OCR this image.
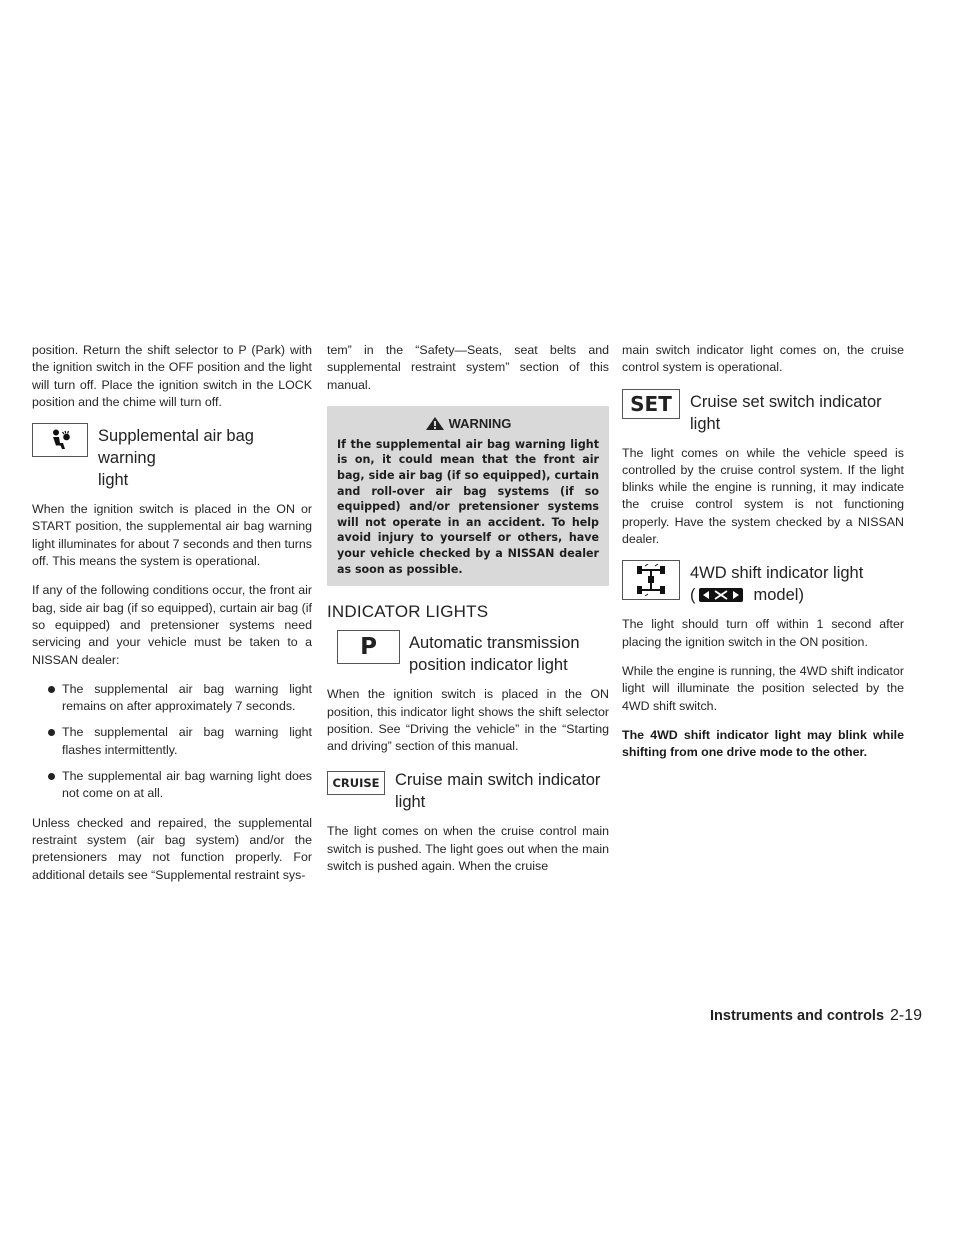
position. Return the shift selector to P (Park) with the ignition switch in the OFF position and the light will turn off. Place the ignition switch in the LOCK position and the chime will turn off.

Supplemental air bag warning
light

When the ignition switch is placed in the ON or START position, the supplemental air bag warning light illuminates for about 7 seconds and then turns off. This means the system is operational.

If any of the following conditions occur, the front air bag, side air bag (if so equipped), curtain air bag (if so equipped) and pretensioner systems need servicing and your vehicle must be taken to a NISSAN dealer:

The supplemental air bag warning light remains on after approximately 7 seconds.
The supplemental air bag warning light flashes intermittently.
The supplemental air bag warning light does not come on at all.

Unless checked and repaired, the supplemental restraint system (air bag system) and/or the pretensioners may not function properly. For additional details see “Supplemental restraint sys-

tem” in the “Safety—Seats, seat belts and supplemental restraint system” section of this manual.

WARNING
If the supplemental air bag warning light is on, it could mean that the front air bag, side air bag (if so equipped), curtain and roll-over air bag systems (if so equipped) and/or pretensioner systems will not operate in an accident. To help avoid injury to yourself or others, have your vehicle checked by a NISSAN dealer as soon as possible.
INDICATOR LIGHTS
P Automatic transmission
position indicator light

When the ignition switch is placed in the ON position, this indicator light shows the shift selector position. See “Driving the vehicle” in the “Starting and driving” section of this manual.

CRUISE Cruise main switch indicator
light

The light comes on when the cruise control main switch is pushed. The light goes out when the main switch is pushed again. When the cruise

main switch indicator light comes on, the cruise control system is operational.

SET Cruise set switch indicator
light

The light comes on while the vehicle speed is controlled by the cruise control system. If the light blinks while the engine is running, it may indicate the cruise control system is not functioning properly. Have the system checked by a NISSAN dealer.

4WD shift indicator light
(	model)

The light should turn off within 1 second after placing the ignition switch in the ON position.

While the engine is running, the 4WD shift indicator light will illuminate the position selected by the 4WD shift switch.

The 4WD shift indicator light may blink while shifting from one drive mode to the other.

Instruments and controls 2-19
